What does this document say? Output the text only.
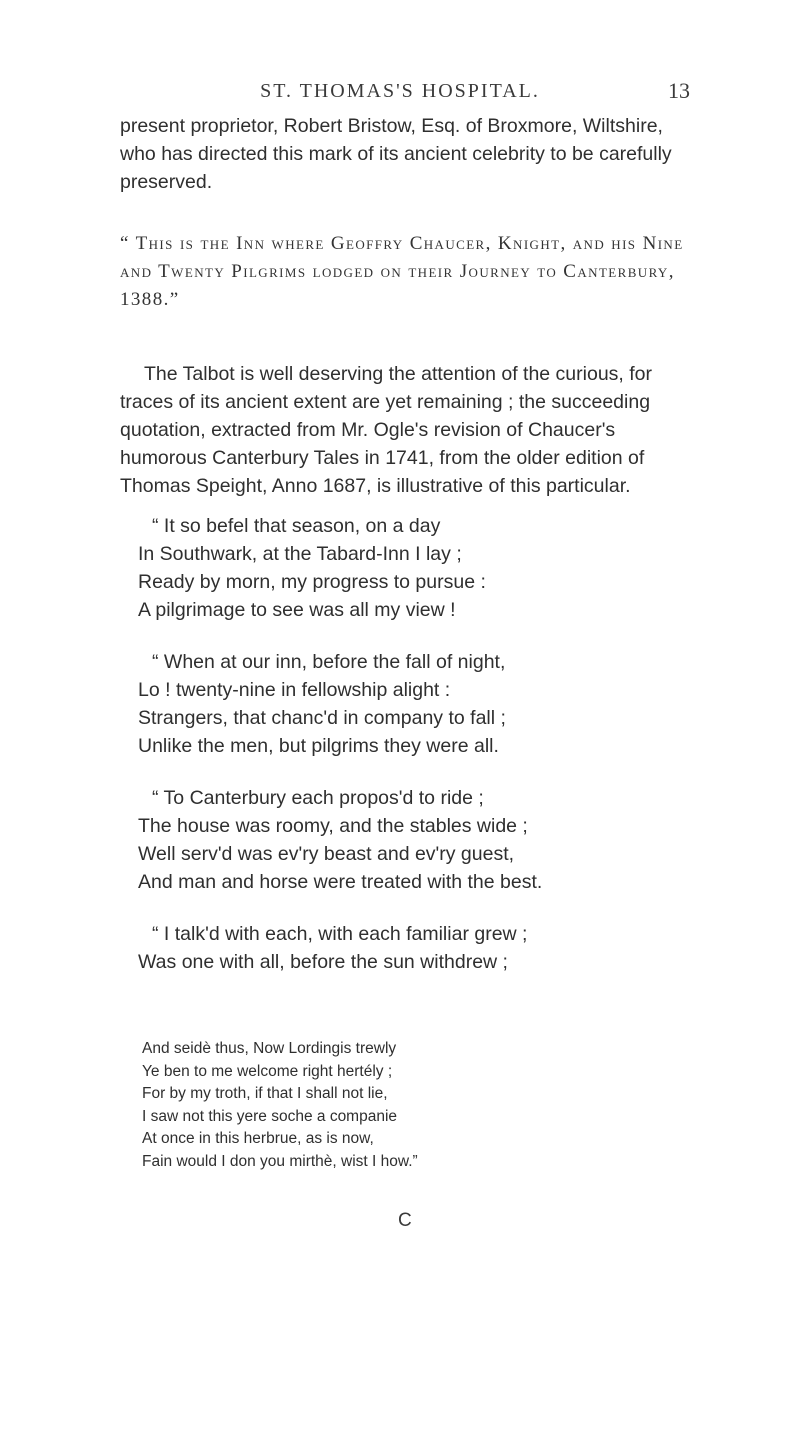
ST. THOMAS'S HOSPITAL.	13
present proprietor, Robert Bristow, Esq. of Broxmore, Wiltshire, who has directed this mark of its ancient celebrity to be carefully preserved.
“ This is the Inn where Geoffry Chaucer, Knight, and his Nine and Twenty Pilgrims lodged on their Journey to Canterbury, 1388.”
The Talbot is well deserving the attention of the curious, for traces of its ancient extent are yet remaining ; the succeeding quotation, extracted from Mr. Ogle's revision of Chaucer's humorous Canterbury Tales in 1741, from the older edition of Thomas Speight, Anno 1687, is illustrative of this particular.
“ It so befel that season, on a day
In Southwark, at the Tabard-Inn I lay ;
Ready by morn, my progress to pursue :
A pilgrimage to see was all my view !
“ When at our inn, before the fall of night,
Lo ! twenty-nine in fellowship alight :
Strangers, that chanc'd in company to fall ;
Unlike the men, but pilgrims they were all.
“ To Canterbury each propos'd to ride ;
The house was roomy, and the stables wide ;
Well serv'd was ev'ry beast and ev'ry guest,
And man and horse were treated with the best.
“ I talk'd with each, with each familiar grew ;
Was one with all, before the sun withdrew ;
And seidè thus, Now Lordingis trewly
Ye ben to me welcome right hertély ;
For by my troth, if that I shall not lie,
I saw not this yere soche a companie
At once in this herbrue, as is now,
Fain would I don you mirthè, wist I how.”
C
